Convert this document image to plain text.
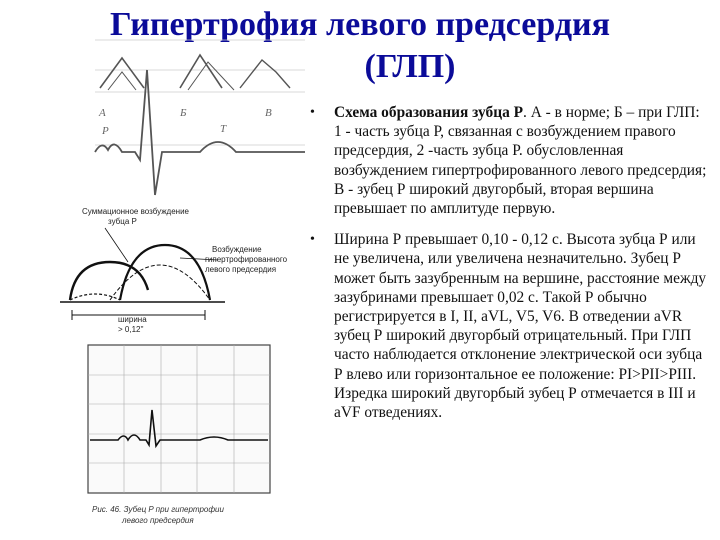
Гипертрофия левого предсердия
(ГЛП)
A	Б	В
P	T
Суммационное возбуждение
зубца P
Возбуждение
гипертрофированного
левого предсердия
ширина
> 0,12''
Рис. 46. Зубец P при гипертрофии
левого предсердия
•	Схема образования зубца Р. А - в норме; Б – при ГЛП: 1 - часть зубца Р, связанная с возбуждением правого предсердия, 2 -часть зубца Р. обусловленная возбуждением гипертрофированного левого предсердия; В - зубец Р широкий двугорбый, вторая вершина превышает по амплитуде первую.
•	Ширина Р превышает 0,10 - 0,12 с. Высота зубца Р или не увеличена, или увеличена незначительно. Зубец Р может быть зазубренным на вершине, расстояние между зазубринами превышает 0,02 с. Такой Р обычно регистрируется в I, II, aVL, V5, V6. В отведении aVR зубец Р широкий двугорбый отрицательный. При ГЛП часто наблюдается отклонение электрической оси зубца Р влево или горизонтальное ее положение: PI>PII>PIII. Изредка широкий двугорбый зубец Р отмечается в III и aVF отведениях.
